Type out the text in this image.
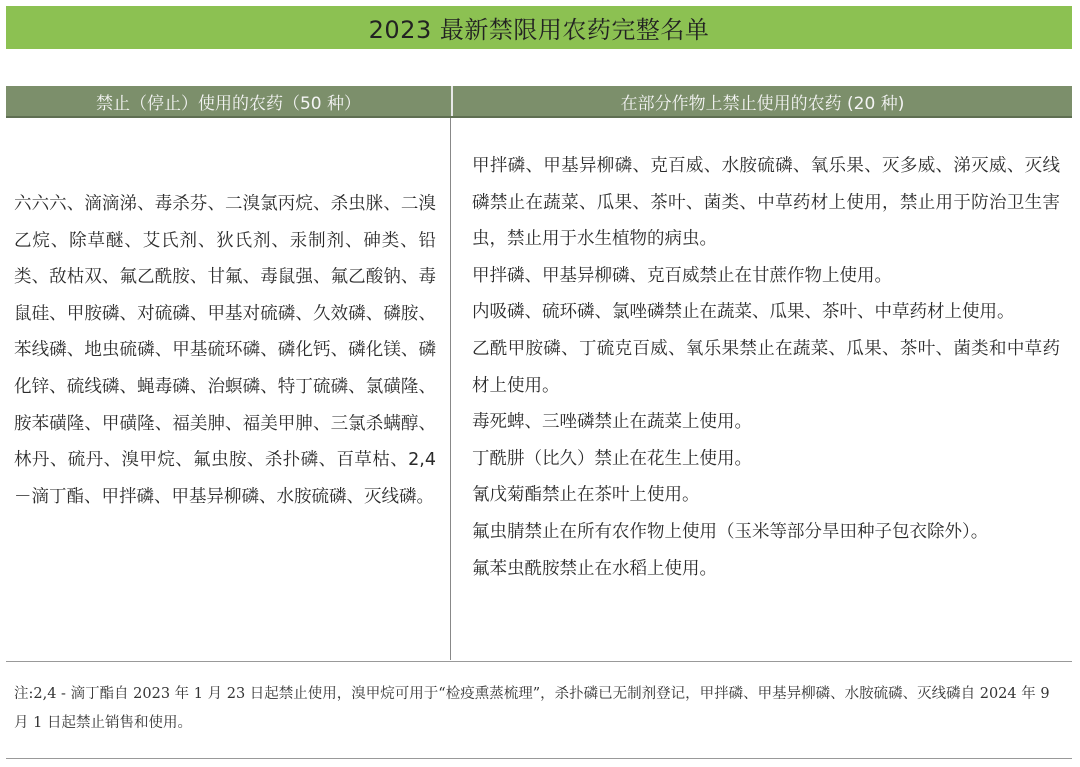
2023 最新禁限用农药完整名单
禁止（停止）使用的农药（50 种）	在部分作物上禁止使用的农药 (20 种)
六六六、滴滴涕、毒杀芬、二溴氯丙烷、杀虫脒、二溴乙烷、除草醚、艾氏剂、狄氏剂、汞制剂、砷类、铅类、敌枯双、氟乙酰胺、甘氟、毒鼠强、氟乙酸钠、毒鼠硅、甲胺磷、对硫磷、甲基对硫磷、久效磷、磷胺、苯线磷、地虫硫磷、甲基硫环磷、磷化钙、磷化镁、磷化锌、硫线磷、蝇毒磷、治螟磷、特丁硫磷、氯磺隆、胺苯磺隆、甲磺隆、福美胂、福美甲胂、三氯杀螨醇、林丹、硫丹、溴甲烷、氟虫胺、杀扑磷、百草枯、2,4－滴丁酯、甲拌磷、甲基异柳磷、水胺硫磷、灭线磷。

甲拌磷、甲基异柳磷、克百威、水胺硫磷、氧乐果、灭多威、涕灭威、灭线磷禁止在蔬菜、瓜果、茶叶、菌类、中草药材上使用，禁止用于防治卫生害虫，禁止用于水生植物的病虫。

甲拌磷、甲基异柳磷、克百威禁止在甘蔗作物上使用。

内吸磷、硫环磷、氯唑磷禁止在蔬菜、瓜果、茶叶、中草药材上使用。

乙酰甲胺磷、丁硫克百威、氧乐果禁止在蔬菜、瓜果、茶叶、菌类和中草药材上使用。

毒死蜱、三唑磷禁止在蔬菜上使用。

丁酰肼（比久）禁止在花生上使用。

氰戊菊酯禁止在茶叶上使用。

氟虫腈禁止在所有农作物上使用（玉米等部分旱田种子包衣除外）。

氟苯虫酰胺禁止在水稻上使用。

注:2,4 - 滴丁酯自 2023 年 1 月 23 日起禁止使用，溴甲烷可用于“检疫熏蒸梳理”，杀扑磷已无制剂登记，甲拌磷、甲基异柳磷、水胺硫磷、灭线磷自 2024 年 9 月 1 日起禁止销售和使用。
